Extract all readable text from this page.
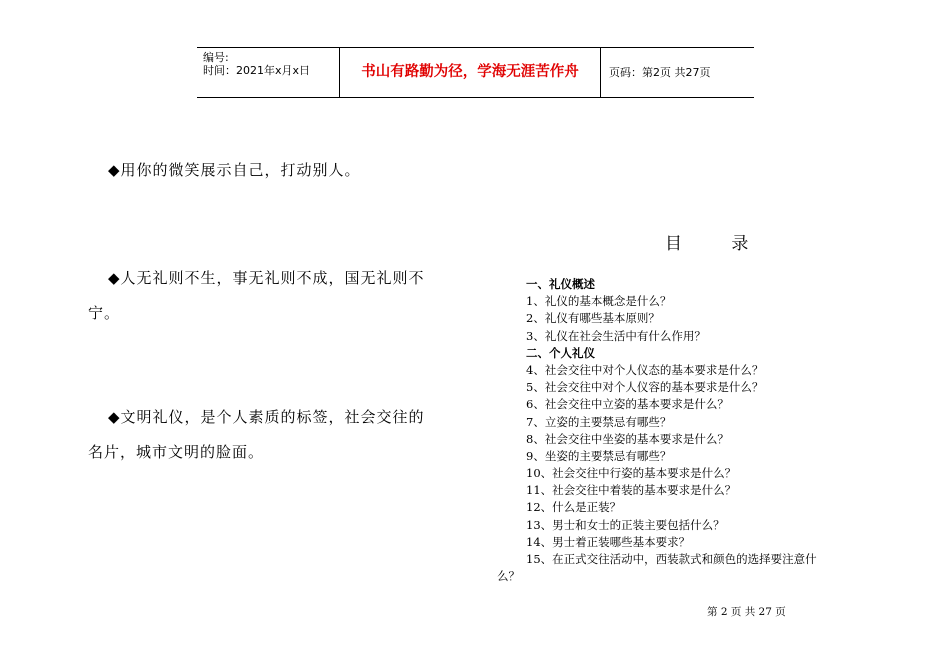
编号:
时间：2021年x月x日	书山有路勤为径，学海无涯苦作舟	页码：第2页 共27页
◆用你的微笑展示自己，打动别人。
◆人无礼则不生，事无礼则不成，国无礼则不
宁。
◆文明礼仪，是个人素质的标签，社会交往的
名片，城市文明的脸面。
目 录
一、礼仪概述
1、礼仪的基本概念是什么？
2、礼仪有哪些基本原则？
3、礼仪在社会生活中有什么作用？
二、个人礼仪
4、社会交往中对个人仪态的基本要求是什么？
5、社会交往中对个人仪容的基本要求是什么？
6、社会交往中立姿的基本要求是什么？
7、立姿的主要禁忌有哪些？
8、社会交往中坐姿的基本要求是什么？
9、坐姿的主要禁忌有哪些？
10、社会交往中行姿的基本要求是什么？
11、社会交往中着装的基本要求是什么？
12、什么是正装？
13、男士和女士的正装主要包括什么？
14、男士着正装哪些基本要求？
15、在正式交往活动中，西装款式和颜色的选择要注意什
么？
第 2 页 共 27 页
